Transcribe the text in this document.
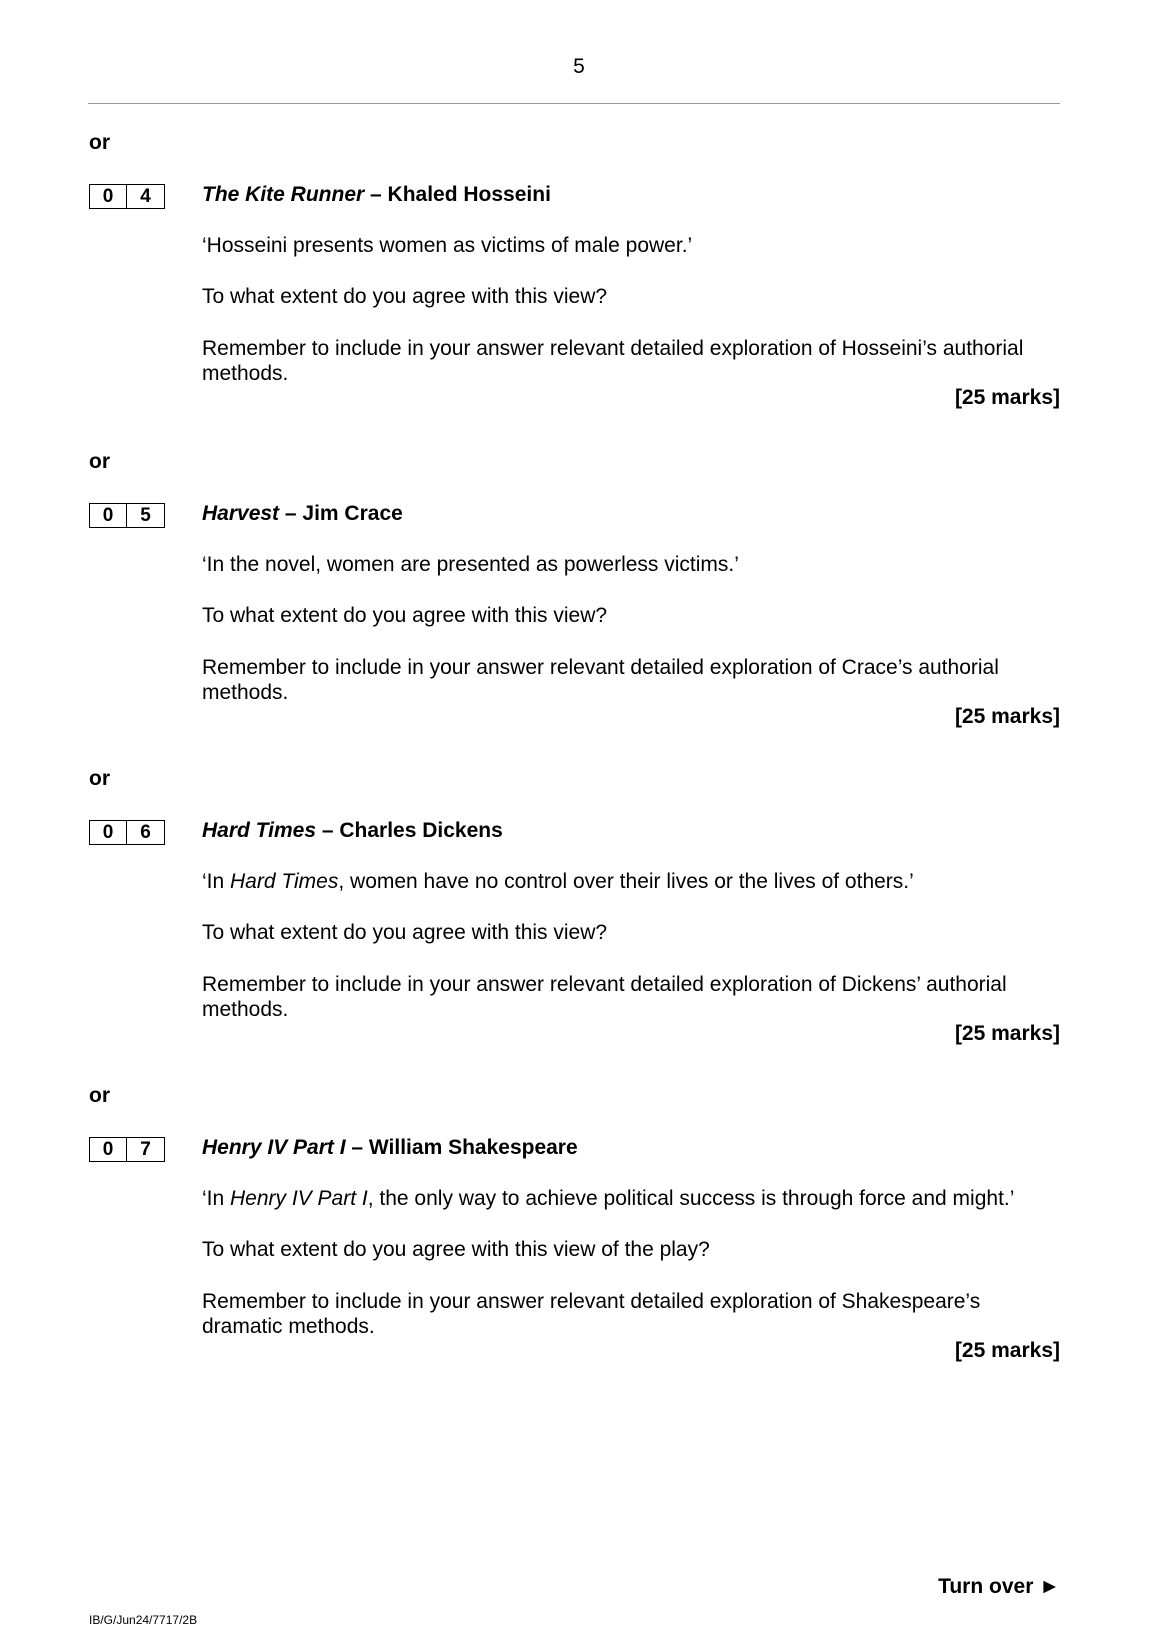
5
or
0	4	The Kite Runner – Khaled Hosseini
‘Hosseini presents women as victims of male power.’
To what extent do you agree with this view?
Remember to include in your answer relevant detailed exploration of Hosseini’s authorial methods.
[25 marks]
or
0	5	Harvest – Jim Crace
‘In the novel, women are presented as powerless victims.’
To what extent do you agree with this view?
Remember to include in your answer relevant detailed exploration of Crace’s authorial methods.
[25 marks]
or
0	6	Hard Times – Charles Dickens
‘In Hard Times, women have no control over their lives or the lives of others.’
To what extent do you agree with this view?
Remember to include in your answer relevant detailed exploration of Dickens’ authorial methods.
[25 marks]
or
0	7	Henry IV Part I – William Shakespeare
‘In Henry IV Part I, the only way to achieve political success is through force and might.’
To what extent do you agree with this view of the play?
Remember to include in your answer relevant detailed exploration of Shakespeare’s dramatic methods.
[25 marks]
Turn over ►
IB/G/Jun24/7717/2B
